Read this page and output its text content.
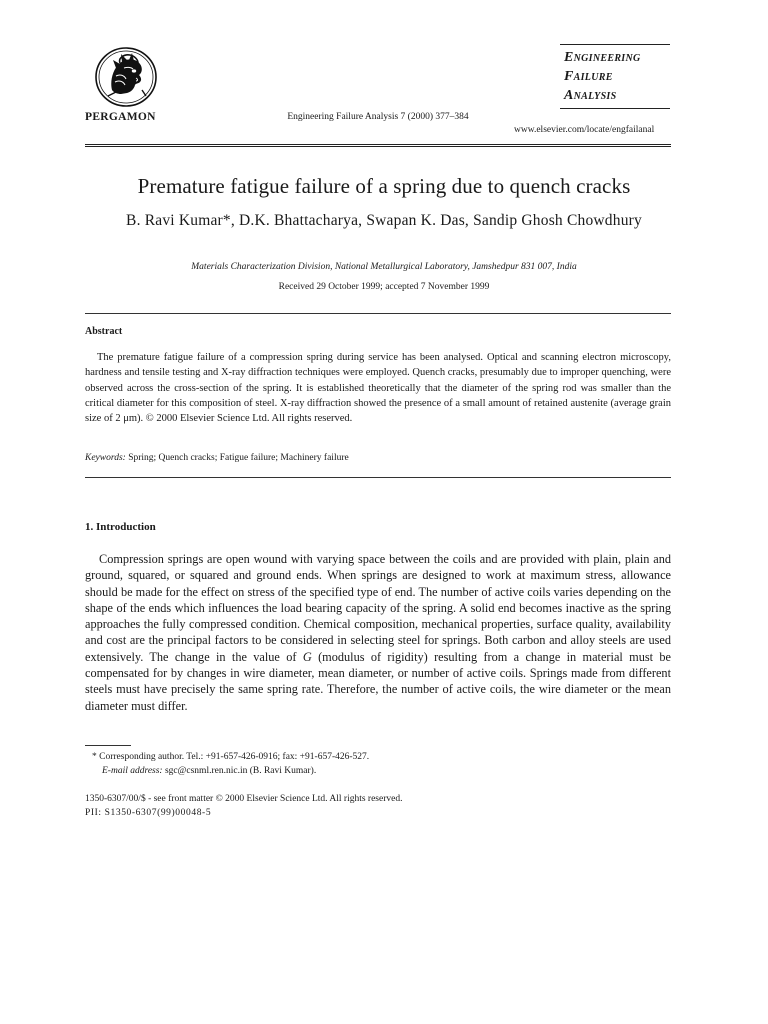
PERGAMON	Engineering Failure Analysis 7 (2000) 377–384
Engineering
Failure
Analysis
www.elsevier.com/locate/engfailanal
Premature fatigue failure of a spring due to quench cracks
B. Ravi Kumar*, D.K. Bhattacharya, Swapan K. Das, Sandip Ghosh Chowdhury
Materials Characterization Division, National Metallurgical Laboratory, Jamshedpur 831 007, India
Received 29 October 1999; accepted 7 November 1999
Abstract
The premature fatigue failure of a compression spring during service has been analysed. Optical and scanning electron microscopy, hardness and tensile testing and X-ray diffraction techniques were employed. Quench cracks, presumably due to improper quenching, were observed across the cross-section of the spring. It is established theoretically that the diameter of the spring rod was smaller than the critical diameter for this composition of steel. X-ray diffraction showed the presence of a small amount of retained austenite (average grain size of 2 μm). © 2000 Elsevier Science Ltd. All rights reserved.
Keywords: Spring; Quench cracks; Fatigue failure; Machinery failure
1. Introduction
Compression springs are open wound with varying space between the coils and are provided with plain, plain and ground, squared, or squared and ground ends. When springs are designed to work at maximum stress, allowance should be made for the effect on stress of the specified type of end. The number of active coils varies depending on the shape of the ends which influences the load bearing capacity of the spring. A solid end becomes inactive as the spring approaches the fully compressed condition. Chemical composition, mechanical properties, surface quality, availability and cost are the principal factors to be considered in selecting steel for springs. Both carbon and alloy steels are used extensively. The change in the value of G (modulus of rigidity) resulting from a change in material must be compensated for by changes in wire diameter, mean diameter, or number of active coils. Springs made from different steels must have precisely the same spring rate. Therefore, the number of active coils, the wire diameter or the mean diameter must differ.
* Corresponding author. Tel.: +91-657-426-0916; fax: +91-657-426-527.
E-mail address: sgc@csnml.ren.nic.in (B. Ravi Kumar).
1350-6307/00/$ - see front matter © 2000 Elsevier Science Ltd. All rights reserved.
PII: S1350-6307(99)00048-5
